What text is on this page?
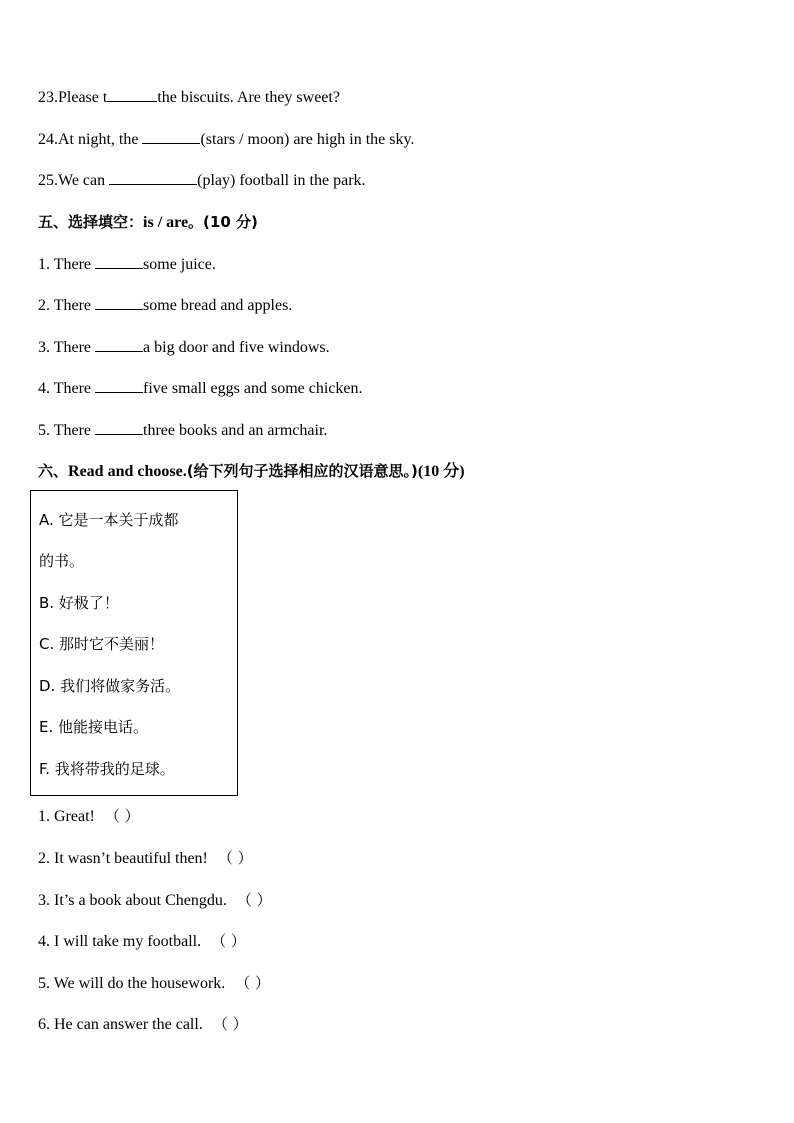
23.Please t	the biscuits. Are they sweet?
24.At night, the	(stars / moon) are high in the sky.
25.We can	(play) football in the park.
五、选择填空：is / are。(10 分)
1. There	some juice.
2. There	some bread and apples.
3. There	a big door and five windows.
4. There	five small eggs and some chicken.
5. There	three books and an armchair.
六、Read and choose.(给下列句子选择相应的汉语意思。)(10 分)
A. 它是一本关于成都
的书。
B. 好极了！
C. 那时它不美丽！
D. 我们将做家务活。
E. 他能接电话。
F. 我将带我的足球。
1. Great! （ ）
2. It wasn’t beautiful then! （ ）
3. It’s a book about Chengdu. （ ）
4. I will take my football. （ ）
5. We will do the housework. （ ）
6. He can answer the call. （ ）
